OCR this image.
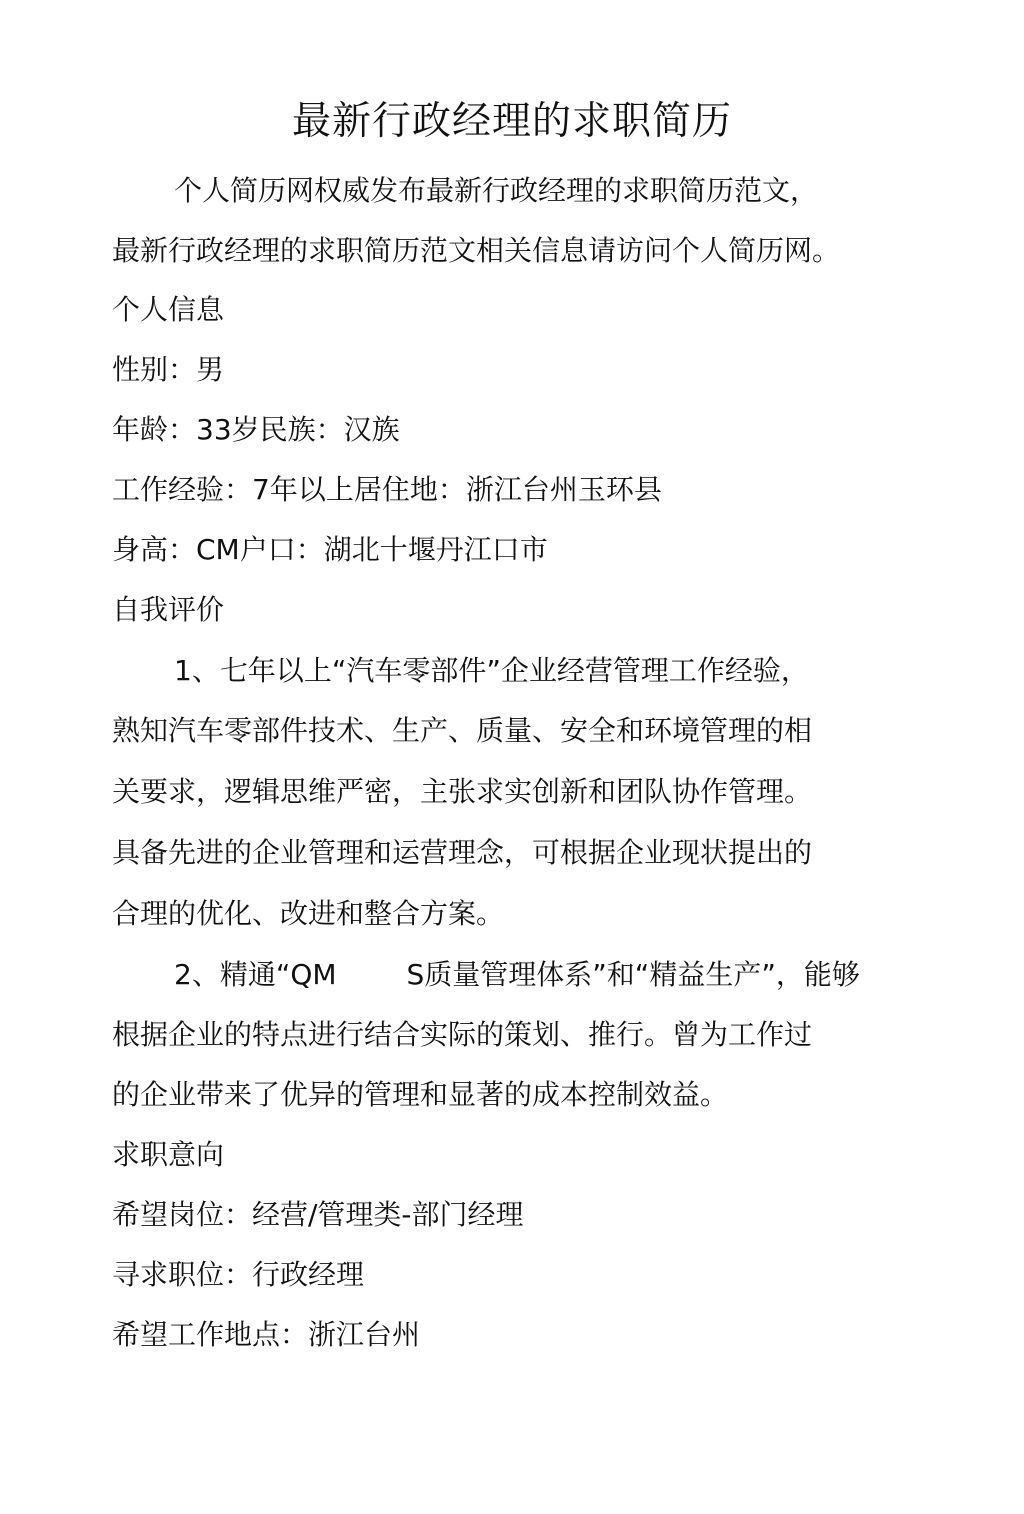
最新行政经理的求职简历
个人简历网权威发布最新行政经理的求职简历范文，
最新行政经理的求职简历范文相关信息请访问个人简历网。
个人信息
性别：男
年龄：33岁民族：汉族
工作经验：7年以上居住地：浙江台州玉环县
身高：CM户口：湖北十堰丹江口市
自我评价
1、七年以上“汽车零部件”企业经营管理工作经验，
熟知汽车零部件技术、生产、质量、安全和环境管理的相
关要求，逻辑思维严密，主张求实创新和团队协作管理。
具备先进的企业管理和运营理念，可根据企业现状提出的
合理的优化、改进和整合方案。
2、精通“QM	S质量管理体系”和“精益生产”，能够
根据企业的特点进行结合实际的策划、推行。曾为工作过
的企业带来了优异的管理和显著的成本控制效益。
求职意向
希望岗位：经营/管理类-部门经理
寻求职位：行政经理
希望工作地点：浙江台州
